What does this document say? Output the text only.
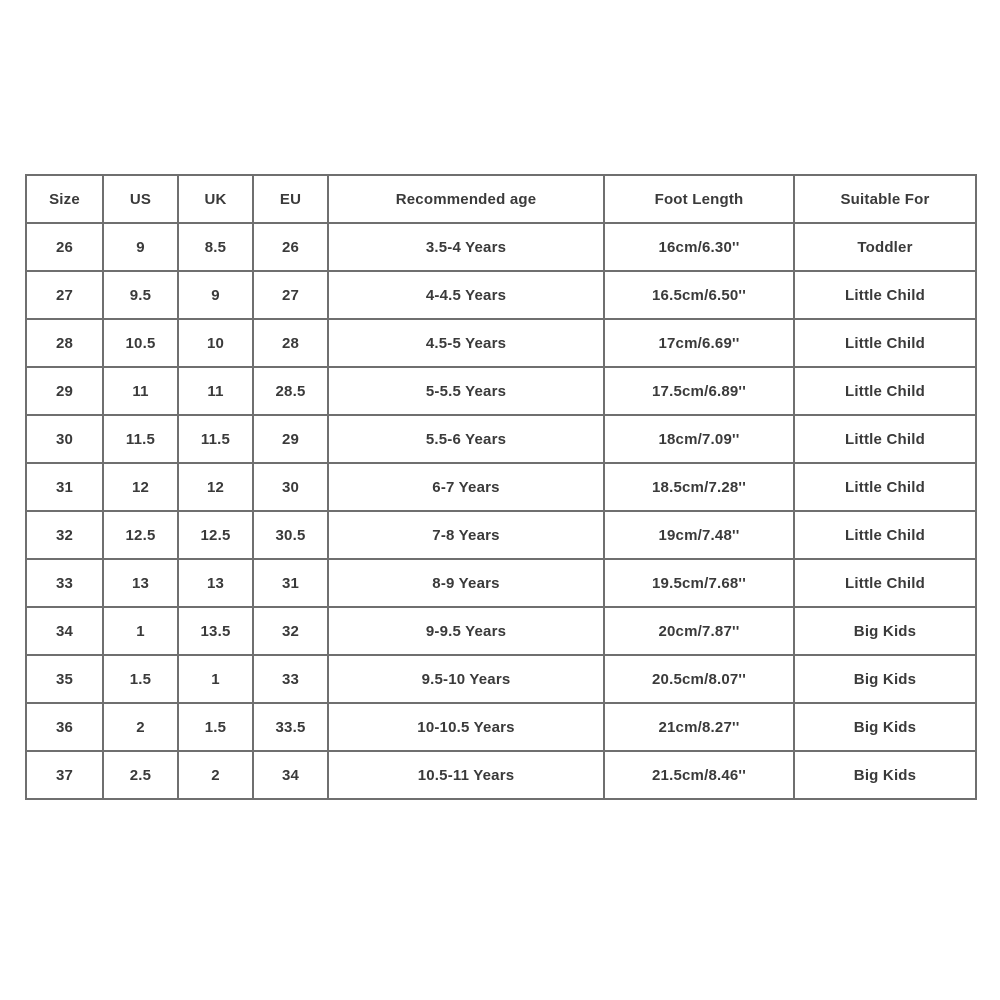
Size	US	UK	EU	Recommended age	Foot Length	Suitable For
26	9	8.5	26	3.5-4 Years	16cm/6.30''	Toddler
27	9.5	9	27	4-4.5 Years	16.5cm/6.50''	Little Child
28	10.5	10	28	4.5-5 Years	17cm/6.69''	Little Child
29	11	11	28.5	5-5.5 Years	17.5cm/6.89''	Little Child
30	11.5	11.5	29	5.5-6 Years	18cm/7.09''	Little Child
31	12	12	30	6-7 Years	18.5cm/7.28''	Little Child
32	12.5	12.5	30.5	7-8 Years	19cm/7.48''	Little Child
33	13	13	31	8-9 Years	19.5cm/7.68''	Little Child
34	1	13.5	32	9-9.5 Years	20cm/7.87''	Big Kids
35	1.5	1	33	9.5-10 Years	20.5cm/8.07''	Big Kids
36	2	1.5	33.5	10-10.5 Years	21cm/8.27''	Big Kids
37	2.5	2	34	10.5-11 Years	21.5cm/8.46''	Big Kids
